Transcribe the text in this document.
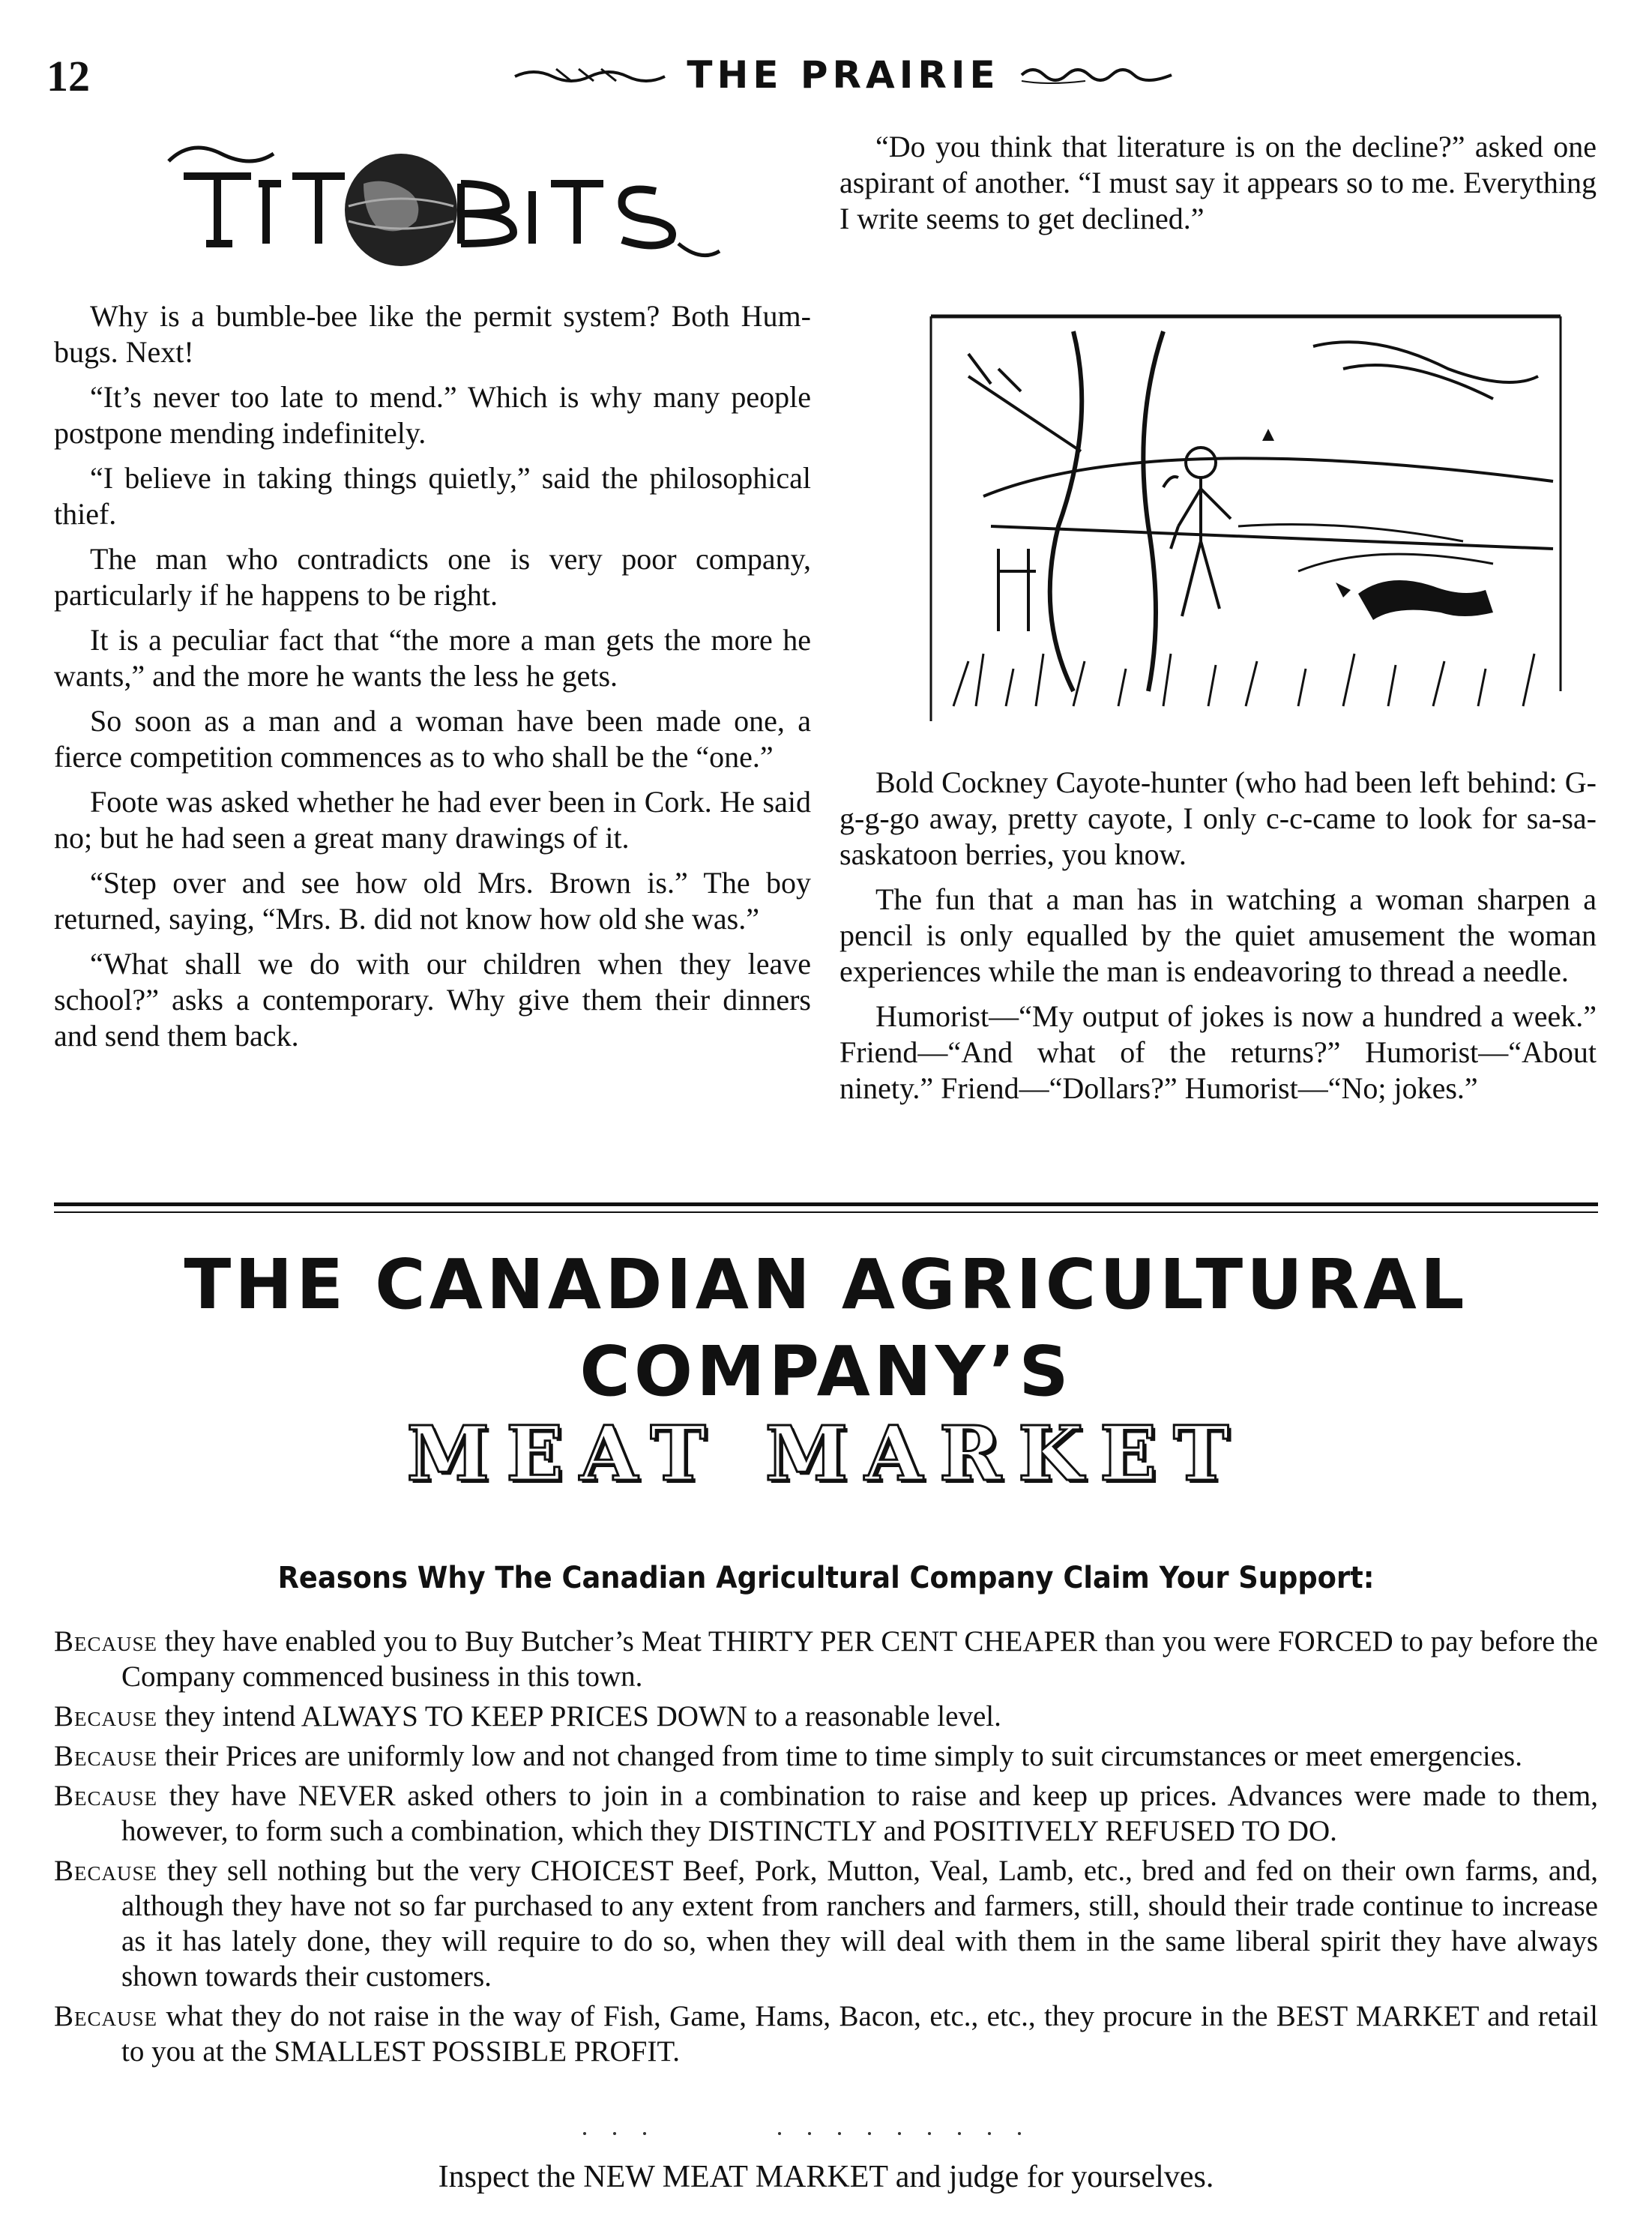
12	THE PRAIRIE

Why is a bumble-bee like the permit system? Both Hum-bugs. Next!

“It’s never too late to mend.” Which is why many people postpone mending indefinitely.

“I believe in taking things quietly,” said the philosophical thief.

The man who contradicts one is very poor company, particularly if he happens to be right.

It is a peculiar fact that “the more a man gets the more he wants,” and the more he wants the less he gets.

So soon as a man and a woman have been made one, a fierce competition commences as to who shall be the “one.”

Foote was asked whether he had ever been in Cork. He said no; but he had seen a great many drawings of it.

“Step over and see how old Mrs. Brown is.” The boy returned, saying, “Mrs. B. did not know how old she was.”

“What shall we do with our children when they leave school?” asks a contemporary. Why give them their dinners and send them back.

“Do you think that literature is on the decline?” asked one aspirant of another. “I must say it appears so to me. Everything I write seems to get declined.”

Bold Cockney Cayote-hunter (who had been left behind: G-g-g-go away, pretty cayote, I only c-c-came to look for sa-sa-saskatoon berries, you know.

The fun that a man has in watching a woman sharpen a pencil is only equalled by the quiet amusement the woman experiences while the man is endeavoring to thread a needle.

Humorist—“My output of jokes is now a hundred a week.” Friend—“And what of the returns?” Humorist—“About ninety.” Friend—“Dollars?” Humorist—“No; jokes.”

THE CANADIAN AGRICULTURAL
COMPANY’S
MEAT MARKET
Reasons Why The Canadian Agricultural Company Claim Your Support:

Because they have enabled you to Buy Butcher’s Meat THIRTY PER CENT CHEAPER than you were FORCED to pay before the Company commenced business in this town.

Because they intend ALWAYS TO KEEP PRICES DOWN to a reasonable level.

Because their Prices are uniformly low and not changed from time to time simply to suit circumstances or meet emergencies.

Because they have NEVER asked others to join in a combination to raise and keep up prices. Advances were made to them, however, to form such a combination, which they DISTINCTLY and POSITIVELY REFUSED TO DO.

Because they sell nothing but the very CHOICEST Beef, Pork, Mutton, Veal, Lamb, etc., bred and fed on their own farms, and, although they have not so far purchased to any extent from ranchers and farmers, still, should their trade continue to increase as it has lately done, they will require to do so, when they will deal with them in the same liberal spirit they have always shown towards their customers.

Because what they do not raise in the way of Fish, Game, Hams, Bacon, etc., etc., they procure in the BEST MARKET and retail to you at the SMALLEST POSSIBLE PROFIT.

Inspect the NEW MEAT MARKET and judge for yourselves.
